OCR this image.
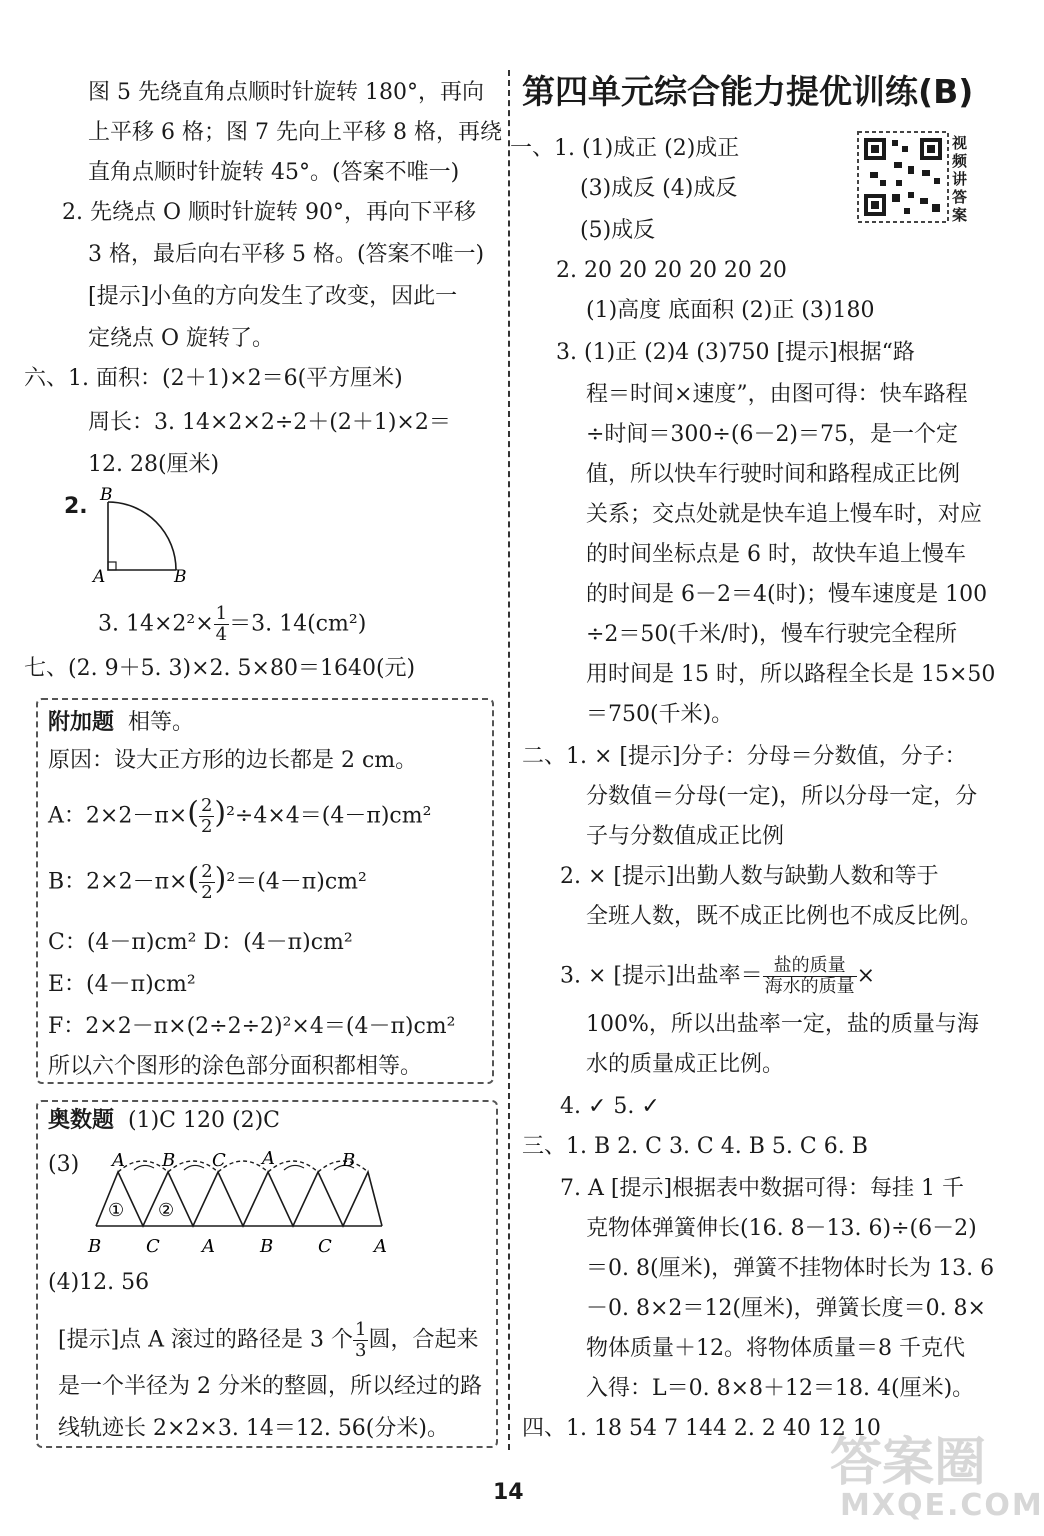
图 5 先绕直角点顺时针旋转 180°，再向
上平移 6 格；图 7 先向上平移 8 格，再绕
直角点顺时针旋转 45°。(答案不唯一)
2. 先绕点 O 顺时针旋转 90°，再向下平移
3 格，最后向右平移 5 格。(答案不唯一)
[提示]小鱼的方向发生了改变，因此一
定绕点 O 旋转了。
六、1. 面积：(2＋1)×2＝6(平方厘米)
周长：3. 14×2×2÷2＋(2＋1)×2＝
12. 28(厘米)
2. B
A	B
3. $14\times 2^2\times \frac{1}{4} =3$. 14(cm²)
七、(2. 9＋5. 3)×2. 5×80＝1640(元)
附加题 相等。
原因：设大正方形的边长都是 2 cm。
A：$2\times 2-\pi\times( \frac{2}{2} )^2\div 4\times 4=(4-\pi)cm^2$
B：$2\times 2-\pi\times( \frac{2}{2} )^2=(4-\pi)cm^2$
C：(4－π)cm² D：(4－π)cm²
E：(4－π)cm²
F：2×2－π×(2÷2÷2)²×4＝(4－π)cm²
所以六个图形的涂色部分面积都相等。
奥数题 (1)C 120 (2)C
(3) A B C A	B
① ②
B C A	B C A
(4)12. 56
[提示]点 A 滚过的路径是 3 个 $\frac{1}{3}$ 圆，合起来
是一个半径为 2 分米的整圆，所以经过的路
线轨迹长 2×2×3. 14＝12. 56(分米)。
第四单元综合能力提优训练(B)
视频讲答案
一、1. (1)成正 (2)成正
(3)成反 (4)成反
(5)成反
2. 20 20 20 20 20 20
(1)高度 底面积 (2)正 (3)180
3. (1)正 (2)4 (3)750 [提示]根据“路
程＝时间×速度”，由图可得：快车路程
÷时间＝300÷(6－2)＝75，是一个定
值，所以快车行驶时间和路程成正比例
关系；交点处就是快车追上慢车时，对应
的时间坐标点是 6 时，故快车追上慢车
的时间是 6－2＝4(时)；慢车速度是 100
÷2＝50(千米/时)，慢车行驶完全程所
用时间是 15 时，所以路程全长是 15×50
＝750(千米)。
二、1. × [提示]分子：分母＝分数值，分子：
分数值＝分母(一定)，所以分母一定，分
子与分数值成正比例
2. × [提示]出勤人数与缺勤人数和等于
全班人数，既不成正比例也不成反比例。
3. × [提示]出盐率＝ $\frac{\text{盐的质量}}{\text{海水的质量}}$ ×
100%，所以出盐率一定，盐的质量与海
水的质量成正比例。
4. ✓ 5. ✓
三、1. B 2. C 3. C 4. B 5. C 6. B
7. A [提示]根据表中数据可得：每挂 1 千
克物体弹簧伸长(16. 8－13. 6)÷(6－2)
＝0. 8(厘米)，弹簧不挂物体时长为 13. 6
－0. 8×2＝12(厘米)，弹簧长度＝0. 8×
物体质量＋12。将物体质量＝8 千克代
入得：L＝0. 8×8＋12＝18. 4(厘米)。
四、1. 18 54 7 144 2. 2 40 12 10
14	答案圈
MXQE.COM
